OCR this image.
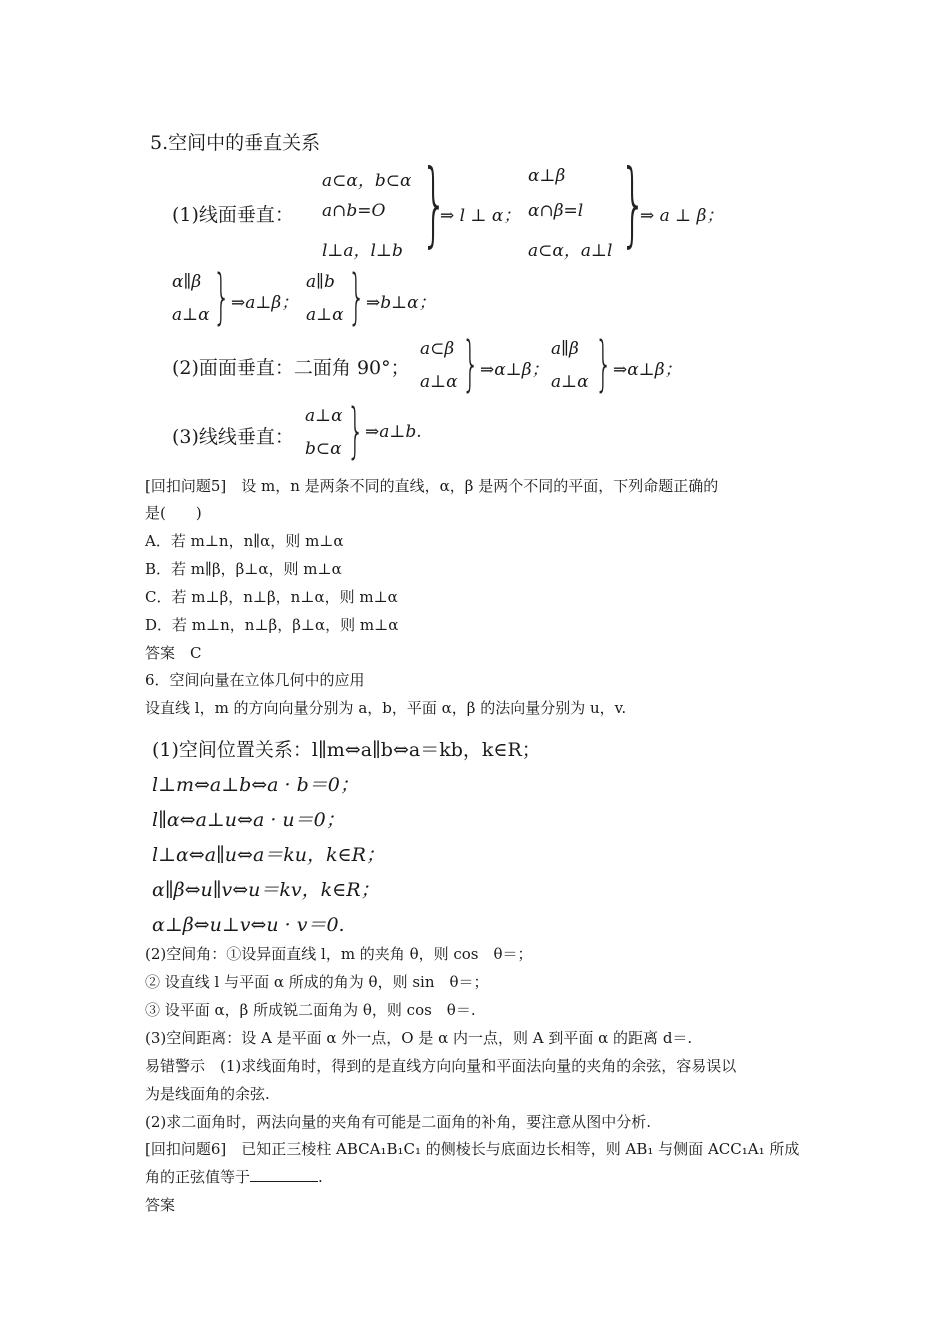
5.空间中的垂直关系
(1)线面垂直：
a⊂α，b⊂α
a∩b=O
l⊥a，l⊥b }
⇒ l ⊥ α；
α⊥β
α∩β=l
a⊂α，a⊥l }
⇒ a ⊥ β；
α∥β
a⊥α } ⇒a⊥β；
a∥b
a⊥α } ⇒b⊥α；
(2)面面垂直：二面角 90°；
a⊂β
a⊥α } ⇒α⊥β；
a∥β
a⊥α } ⇒α⊥β；
(3)线线垂直：
a⊥α
b⊂α } ⇒a⊥b.
[回扣问题5]　设 m，n 是两条不同的直线，α，β 是两个不同的平面，下列命题正确的
是(　　)
A．若 m⊥n，n∥α，则 m⊥α
B．若 m∥β，β⊥α，则 m⊥α
C．若 m⊥β，n⊥β，n⊥α，则 m⊥α
D．若 m⊥n，n⊥β，β⊥α，则 m⊥α
答案　C
6．空间向量在立体几何中的应用
设直线 l，m 的方向向量分别为 a，b，平面 α，β 的法向量分别为 u，v.
(1)空间位置关系：l∥m⇔a∥b⇔a＝kb，k∈R；
l⊥m⇔a⊥b⇔a · b＝0；
l∥α⇔a⊥u⇔a · u＝0；
l⊥α⇔a∥u⇔a＝ku，k∈R；
α∥β⇔u∥v⇔u＝kv，k∈R；
α⊥β⇔u⊥v⇔u · v＝0.
(2)空间角：①设异面直线 l，m 的夹角 θ，则 cos　θ＝；
② 设直线 l 与平面 α 所成的角为 θ，则 sin　θ＝；
③ 设平面 α，β 所成锐二面角为 θ，则 cos　θ＝.
(3)空间距离：设 A 是平面 α 外一点，O 是 α 内一点，则 A 到平面 α 的距离 d＝.
易错警示　(1)求线面角时，得到的是直线方向向量和平面法向量的夹角的余弦，容易误以
为是线面角的余弦.
(2)求二面角时，两法向量的夹角有可能是二面角的补角，要注意从图中分析.
[回扣问题6]　已知正三棱柱 ABCA₁B₁C₁ 的侧棱长与底面边长相等，则 AB₁ 与侧面 ACC₁A₁ 所成
角的正弦值等于	.
答案
